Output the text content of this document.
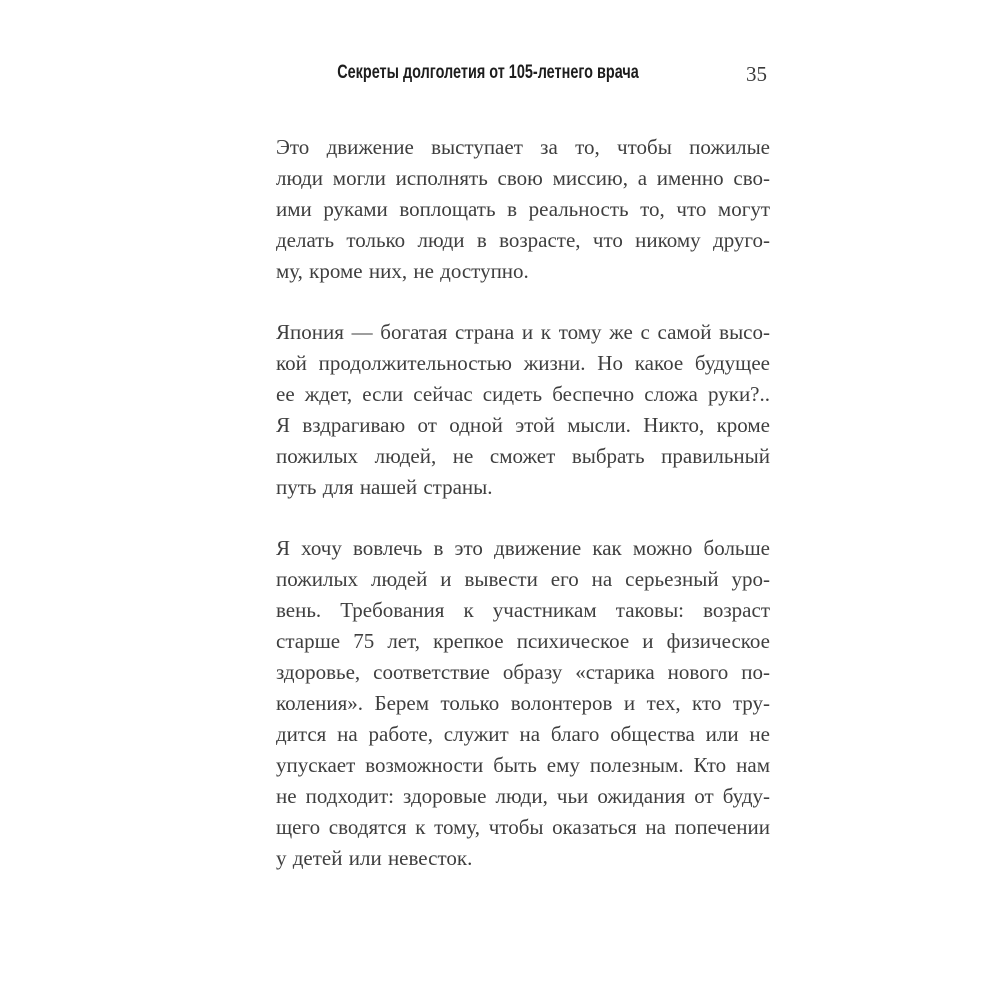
Секреты долголетия от 105-летнего врача	35
Это движение выступает за то, чтобы пожилые
люди могли исполнять свою миссию, а именно сво-
ими руками воплощать в реальность то, что могут
делать только люди в возрасте, что никому друго-
му, кроме них, не доступно.
Япония — богатая страна и к тому же с самой высо-
кой продолжительностью жизни. Но какое будущее
ее ждет, если сейчас сидеть беспечно сложа руки?..
Я вздрагиваю от одной этой мысли. Никто, кроме
пожилых людей, не сможет выбрать правильный
путь для нашей страны.
Я хочу вовлечь в это движение как можно больше
пожилых людей и вывести его на серьезный уро-
вень. Требования к участникам таковы: возраст
старше 75 лет, крепкое психическое и физическое
здоровье, соответствие образу «старика нового по-
коления». Берем только волонтеров и тех, кто тру-
дится на работе, служит на благо общества или не
упускает возможности быть ему полезным. Кто нам
не подходит: здоровые люди, чьи ожидания от буду-
щего сводятся к тому, чтобы оказаться на попечении
у детей или невесток.
